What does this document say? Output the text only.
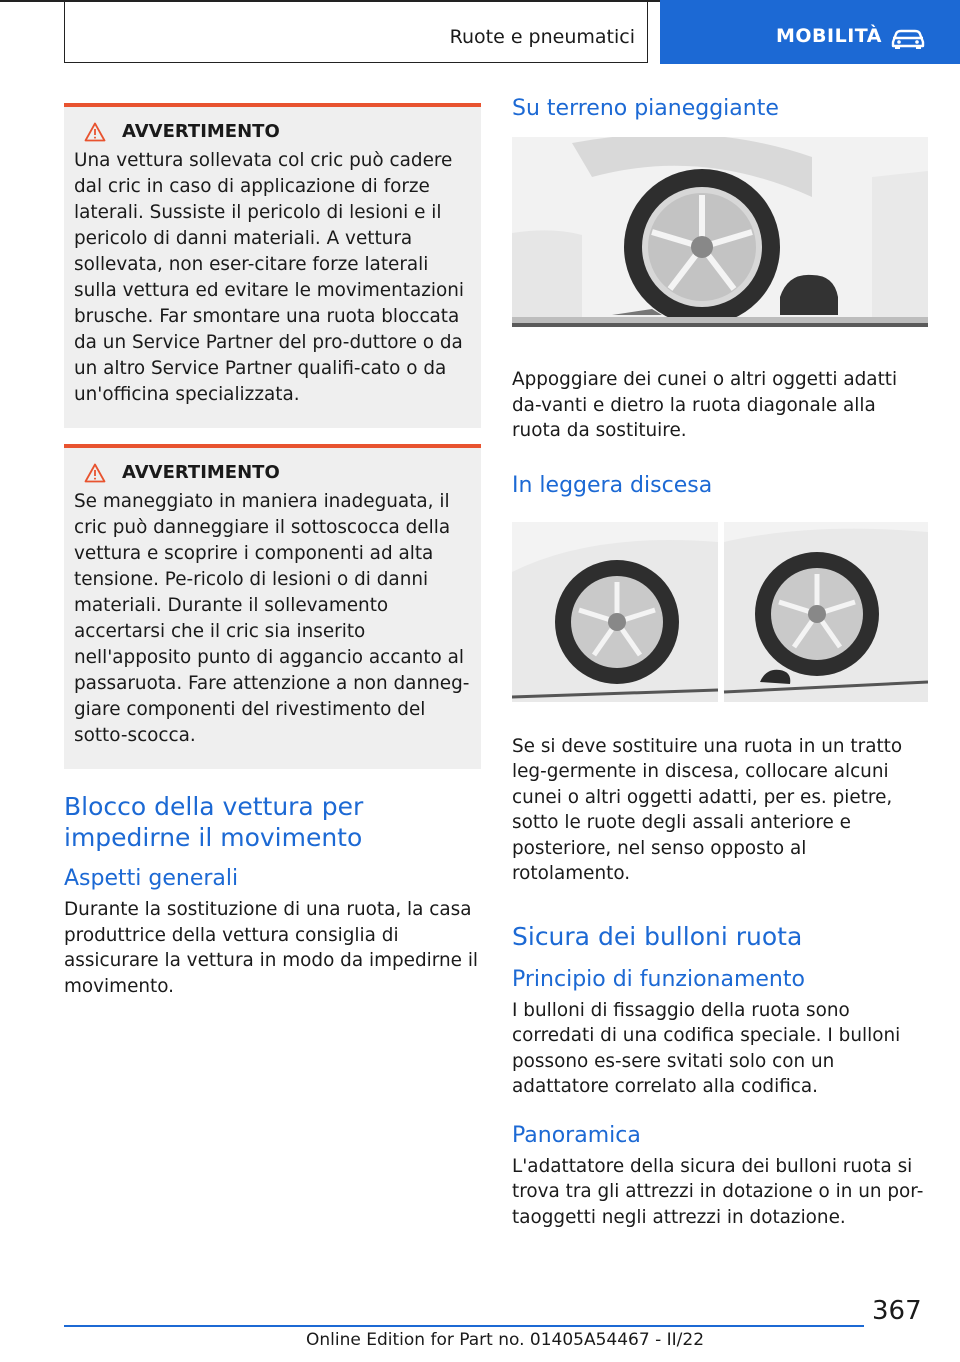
Ruote e pneumatici	MOBILITÀ
AVVERTIMENTO
Una vettura sollevata col cric può cadere dal cric in caso di applicazione di forze laterali. Sussiste il pericolo di lesioni e il pericolo di danni materiali. A vettura sollevata, non eser-citare forze laterali sulla vettura ed evitare le movimentazioni brusche. Far smontare una ruota bloccata da un Service Partner del pro-duttore o da un altro Service Partner qualifi-cato o da un'officina specializzata.
AVVERTIMENTO
Se maneggiato in maniera inadeguata, il cric può danneggiare il sottoscocca della vettura e scoprire i componenti ad alta tensione. Pe-ricolo di lesioni o di danni materiali. Durante il sollevamento accertarsi che il cric sia inserito nell'apposito punto di aggancio accanto al passaruota. Fare attenzione a non danneg-giare componenti del rivestimento del sotto-scocca.
Blocco della vettura per impedirne il movimento
Aspetti generali

Durante la sostituzione di una ruota, la casa produttrice della vettura consiglia di assicurare la vettura in modo da impedirne il movimento.

Su terreno pianeggiante

Appoggiare dei cunei o altri oggetti adatti da-vanti e dietro la ruota diagonale alla ruota da sostituire.

In leggera discesa

Se si deve sostituire una ruota in un tratto leg-germente in discesa, collocare alcuni cunei o altri oggetti adatti, per es. pietre, sotto le ruote degli assali anteriore e posteriore, nel senso opposto al rotolamento.

Sicura dei bulloni ruota
Principio di funzionamento

I bulloni di fissaggio della ruota sono corredati di una codifica speciale. I bulloni possono es-sere svitati solo con un adattatore correlato alla codifica.

Panoramica

L'adattatore della sicura dei bulloni ruota si trova tra gli attrezzi in dotazione o in un por-taoggetti negli attrezzi in dotazione.

367
Online Edition for Part no. 01405A54467 - II/22
